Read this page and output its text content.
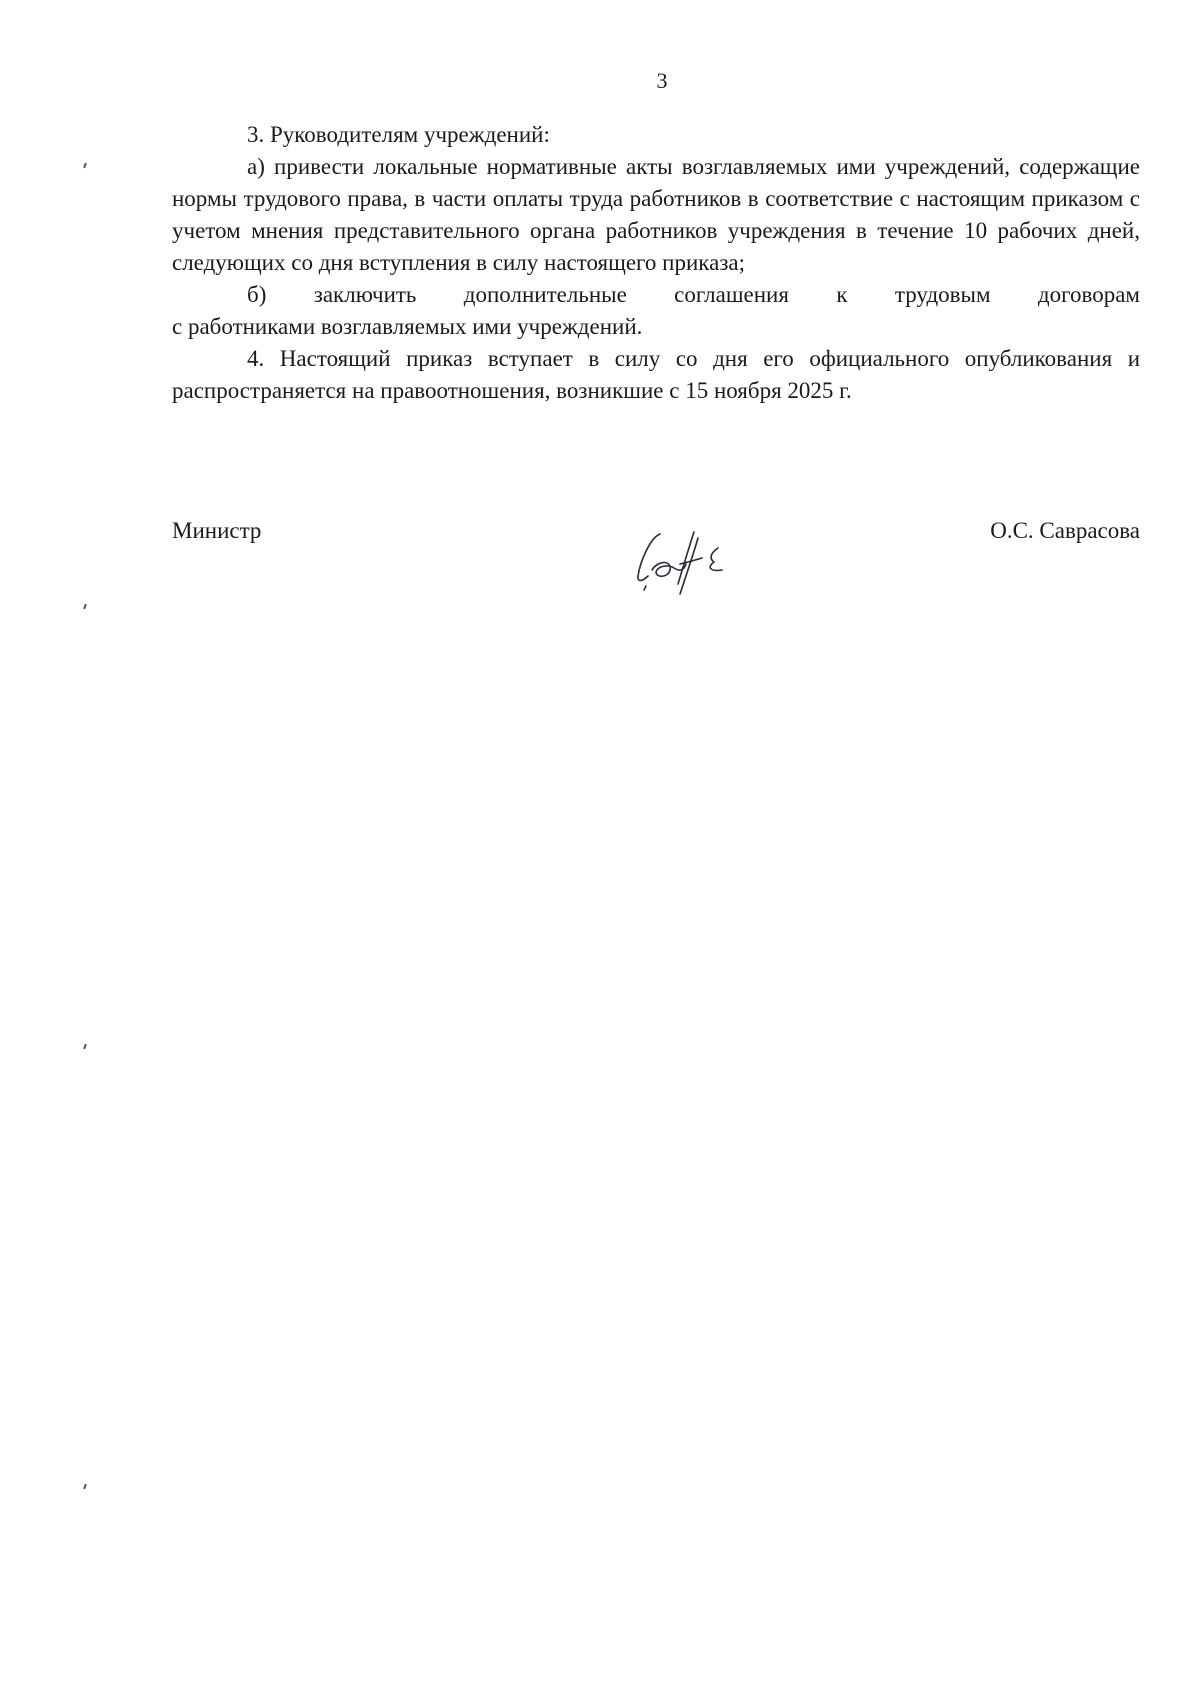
3

3. Руководителям учреждений:

а) привести локальные нормативные акты возглавляемых ими учреждений, содержащие нормы трудового права, в части оплаты труда работников в соответствие с настоящим приказом с учетом мнения представительного органа работников учреждения в течение 10 рабочих дней, следующих со дня вступления в силу настоящего приказа;

б) заключить дополнительные соглашения к трудовым договорам

с работниками возглавляемых ими учреждений.

4. Настоящий приказ вступает в силу со дня его официального опубликования и распространяется на правоотношения, возникшие с 15 ноября 2025 г.

Министр	О.С. Саврасова
